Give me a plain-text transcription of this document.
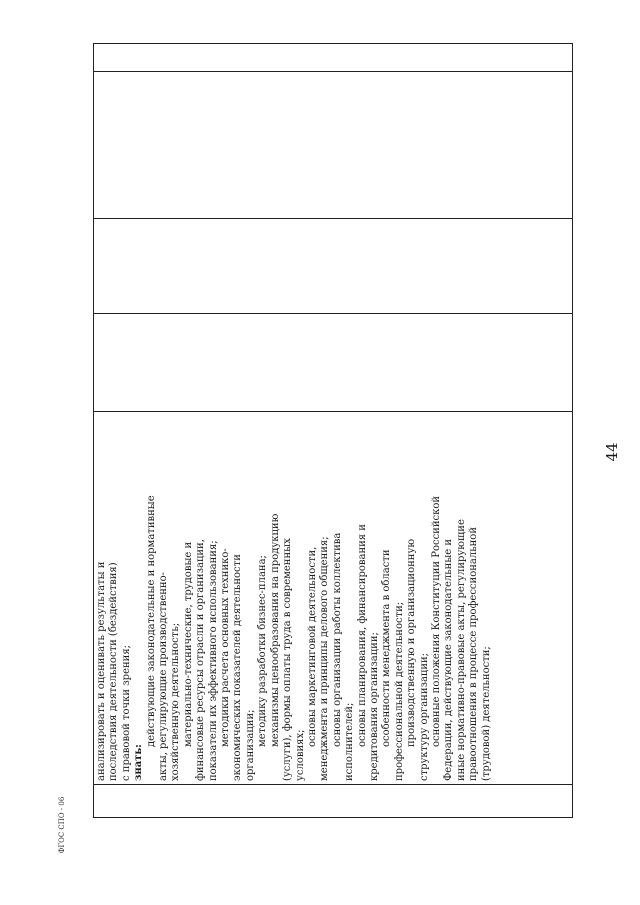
44
ФГОС СПО - 06

анализировать и оценивать результаты и последствия деятельности (бездействия) с правовой точки зрения; знать:
действующие законодательные и нормативные акты, регулирующие производственно- хозяйственную деятельность; материально-технические, трудовые и финансовые ресурсы отрасли и организации, показатели их эффективного использования; методики расчета основных технико- экономических показателей деятельности организации; методику разработки бизнес-плана; механизмы ценообразования на продукцию (услуги), формы оплаты труда в современных условиях;
основы маркетинговой деятельности, менеджмента и принципы делового общения; основы организации работы коллектива исполнителей; основы планирования, финансирования и кредитования организации; особенности менеджмента в области профессиональной деятельности; производственную и организационную структуру организации; основные положения Конституции Российской Федерации, действующие законодательные и иные нормативно-правовые акты, регулирующие правоотношения в процессе профессиональной (трудовой) деятельности;
